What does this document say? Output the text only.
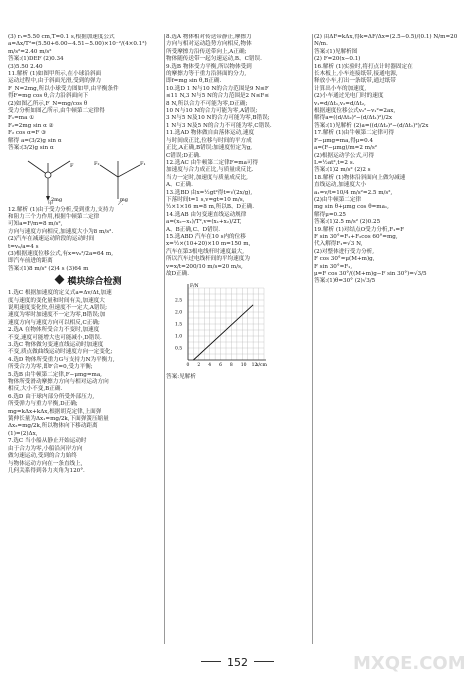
(3) r₁=5.50 cm,T=0.1 s,根据加速度公式

a=Δx/T²=(5.50+6.00−4.51−5.00)×10⁻²/(4×0.1²) m/s²=2.40 m/s²

答案:(1)DEF (2)0.34

(3)5.50 2.40

11.解析 (1)如图甲所示,在小球沿斜面

运动过程中,由于斜面光滑,受到的弹力

F_N=2mg,所以小球受力图如甲,由平衡条件

得F=mg cos θ,合力沿斜面向下

(2)如图乙所示,F_N=mg/cos θ

受力分析如图乙所示,由牛顿第二定律得

F₁=ma ①

F₂=2mg sin α ②

F₂ cos α=F ③

解得 a=(3/2)g sin α

答案:(3/2)g sin α

F
2mg
甲
F₁
F₂
mg
乙

12.解析 (1)由于受力分析,受到重力,支持力

和阻力三个力作用,根据牛顿第二定律

可知a=F/m=8 m/s²,

方向与速度方向相反,加速度大小为8 m/s².

(2)汽车在减速运动阶段的运动时间

t=v₀/a=4 s

(3)根据速度位移公式,有x=v₀²/2a=64 m,

即汽车前进的距离

答案:(1)8 m/s² (2)4 s (3)64 m

模块综合检测

1.选C 根据加速度的定义式a=Δv/Δt,加速

度与速度的变化量和时间有关,加速度大

说明速度变化快,但速度不一定大,A错误;

速度为零时加速度不一定为零,B错误;加

速度方向与速度方向可以相反,C正确;

2.选A 在物体所受合力不变时,加速度

不变,速度可能增大也可能减小,D错误.

3.选C 物体做匀变速直线运动时加速度

不变,质点做曲线运动时速度方向一定变化;

4.选D 物体所受重力G与支持力N为平衡力,

所受合力为零,即F合=0,受力平衡;

5.选B 由牛顿第二定律,F−μmg=ma,

物体所受滑动摩擦力方向与相对运动方向

相反,大小不变,B正确.

6.选D 由于球内部分所受外部压力,

所受弹力与重力平衡,D正确;

mg=kΔx+kΔx,根据胡克定律,上面弹

簧伸长量为Δx₁=mg/2k,下面弹簧压缩量

Δx₂=mg/2k,所以物体向下移动距离

(1)=(2)Δx,

7.选C 当小船从静止开始运动时

由于合力为零,小船沿河岸方向

做匀速运动,受到的合力始终

与物体运动方向在一条直线上,

几何关系得到各力夹角为120°.

8.选A 物体相对传送带静止,摩擦力

方向与相对运动趋势方向相反,物体

所受摩擦力沿传送带向上,A正确;

物体随传送带一起匀速运动,B、C错误.

9.选B 物体受力平衡,所以物体受到

的摩擦力等于重力沿斜面的分力,

即f=mg sin θ,B正确.

10.选D 1 N与10 N的合力范围是9 N≤F

≤11 N,3 N与5 N的合力范围是2 N≤F≤

8 N,所以合力不可能为零,D正确;

10 N与10 N的合力可能为零,A错误;

3 N与5 N及10 N的合力可能为零,B错误;

1 N与3 N及5 N的合力不可能为零,C错误.

11.选AD 物体做自由落体运动,速度

与时间成正比,位移与时间的平方成

正比,A正确,B错误;加速度恒定为g,

C错误;D正确.

12.选AC 由牛顿第二定律F=ma可得

加速度与合力成正比,与质量成反比.

当力一定时,加速度与质量成反比,

A、C正确.

13.选BD 由x=½gt²得t=√(2x/g),

下落时间t=1 s,v=gt=10 m/s,

½×1×16 m=8 m,所以B、D正确.

14.选AB 由匀变速直线运动规律

a=(x₂−x₁)/T²,v=(x₁+x₂)/2T,

A、B正确,C、D错误.

15.选ABD 汽车在10 s内的位移

x=½×(10+20)×10 m=150 m,

汽车在第3根电线杆时速度最大,

所以汽车过电线杆间的平均速度为

v=x/t=200/10 m/s=20 m/s,

故D正确.

0 2 4 6 8 10 12
0.5
1.0
1.5
2.0
2.5
F/N
x/cm

答案:见解析

(2) 由ΔF=kΔx,得k=ΔF/Δx=(2.5−0.5)/(0.1) N/m=20 N/m.

答案:(1)见解析图

(2) F=20(x−0.1)

16.解析 (1)实验时,将打点计时器固定在

长木板上,小车连接纸带,接通电源,

释放小车,打出一条纸带,通过纸带

计算出小车的加速度,

(2)小车通过光电门时的速度

v₁=d/Δt₁,v₂=d/Δt₂,

根据速度位移公式v₂²−v₁²=2ax,

解得a=((d/Δt₂)²−(d/Δt₁)²)/2x

答案:(1)见解析 (2)a=((d/Δt₂)²−(d/Δt₁)²)/2x

17.解析 (1)由牛顿第二定律可得

F−μmg=ma,得μ=0.4

a=(F−μmg)/m=2 m/s²

(2)根据运动学公式,可得

L=½at²,t=2 s.

答案:(1)2 m/s² (2)2 s

18.解析 (1)物体沿斜面向上做匀减速

直线运动,加速度大小

a₁=v/t=10/4 m/s²=2.5 m/s²,

(2)由牛顿第二定律

mg sin θ+μmg cos θ=ma₁,

解得μ=0.25

答案:(1)2.5 m/s² (2)0.25

19.解析 (1)对结点O受力分析,F₁=F

F sin 30°=F₁+F₂cos 60°=mg,

代入解得F₁=√3 N,

(2)对整体进行受力分析,

F cos 30°=μ(M+m)g,

F sin 30°=F₁,

μ=F cos 30°/((M+m)g−F sin 30°)=√3/5

答案:(1)θ=30° (2)√3/5

152	MXQE.COM
